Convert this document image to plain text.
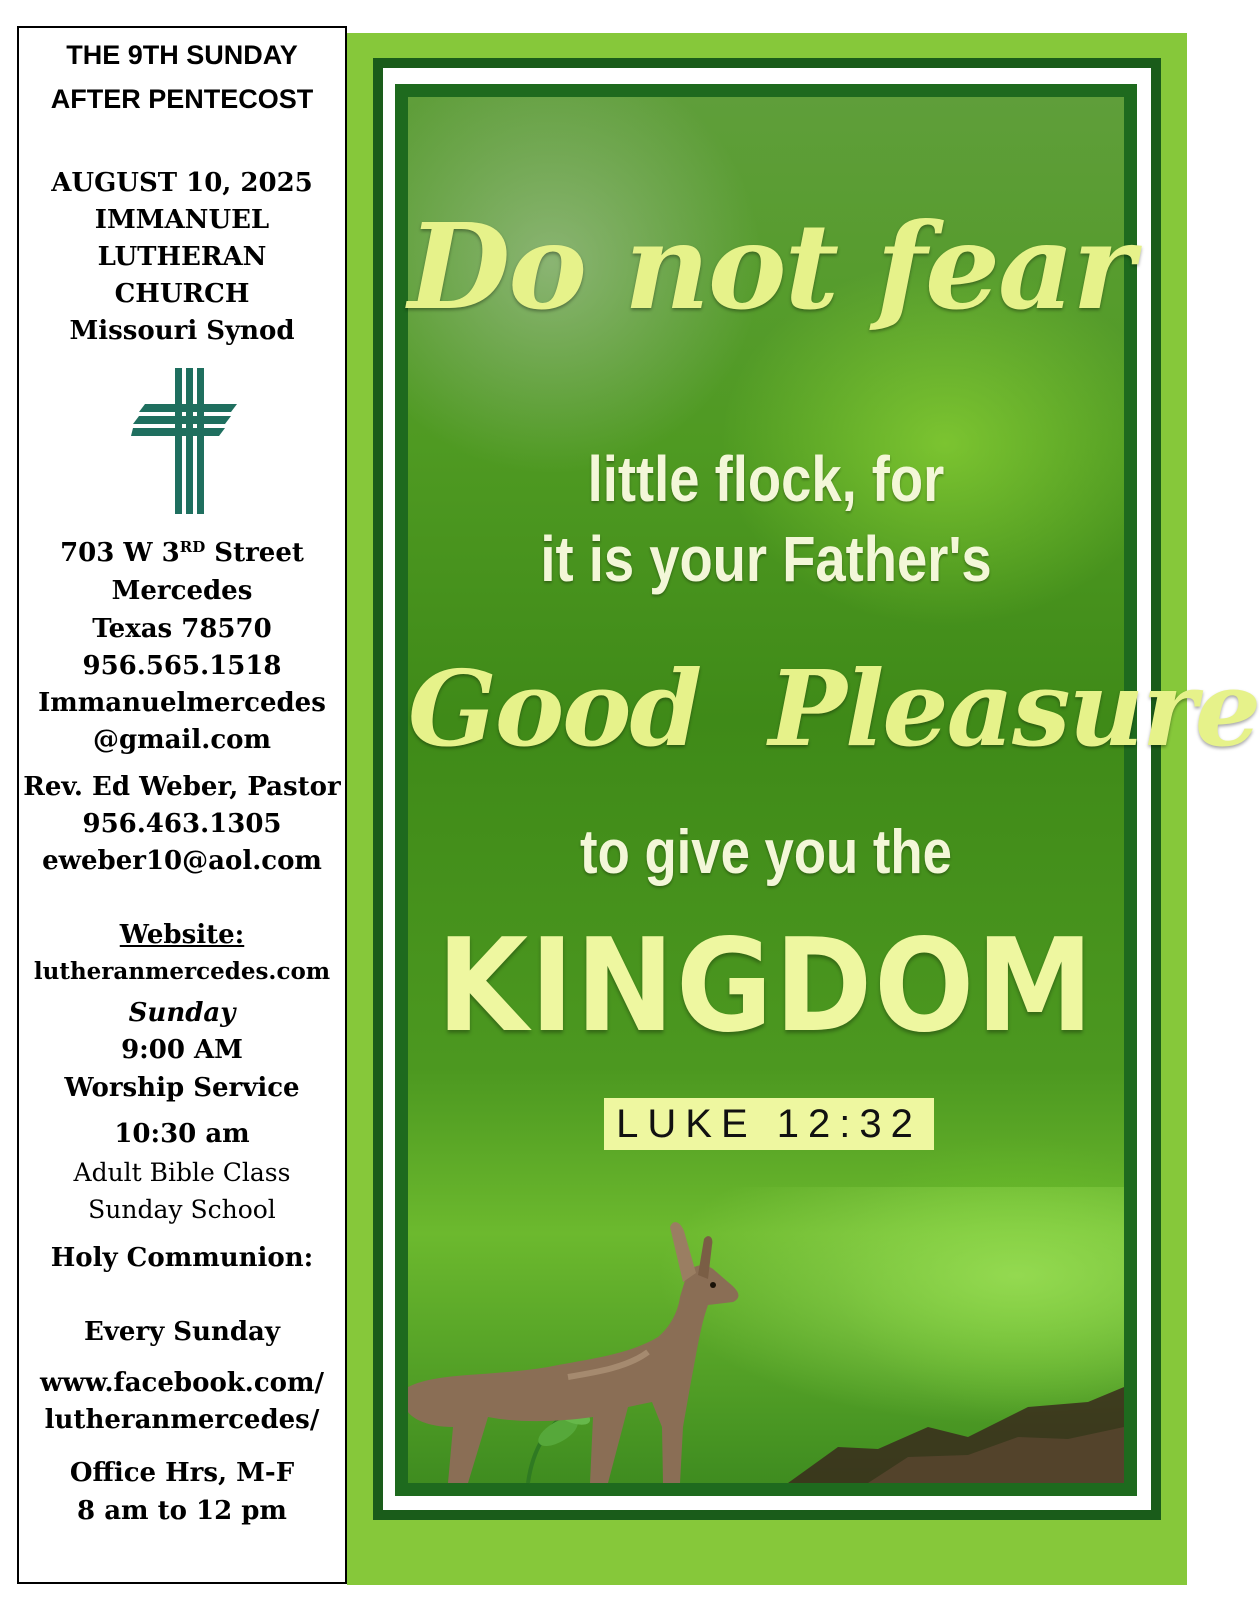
THE 9TH SUNDAY
AFTER PENTECOST
AUGUST 10, 2025
IMMANUEL
LUTHERAN
CHURCH
Missouri Synod
703 W 3RD Street
Mercedes
Texas 78570
956.565.1518
Immanuelmercedes
@gmail.com
Rev. Ed Weber, Pastor
956.463.1305
eweber10@aol.com
Website:
lutheranmercedes.com
Sunday
9:00 AM
Worship Service
10:30 am
Adult Bible Class
Sunday School
Holy Communion:
Every Sunday
www.facebook.com/
lutheranmercedes/
Office Hrs, M-F
8 am to 12 pm
Do not fear
little flock, for
it is your Father's
Good  Pleasure
to give you the
KINGDOM
LUKE 12:32
